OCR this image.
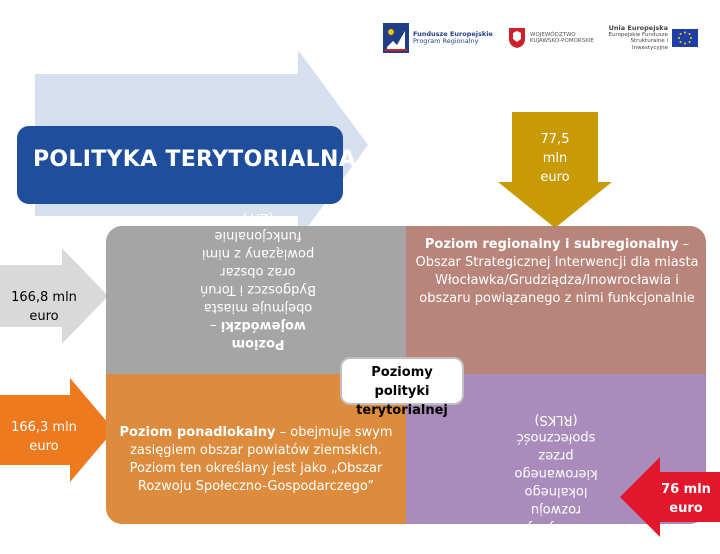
Fundusze Europejskie
Program Regionalny
WOJEWÓDZTWO KUJAWSKO-POMORSKIE
Unia Europejska
Europejskie Fundusze Strukturalne i Inwestycyjne
Poziom wojewódzki – obejmuje miasta Bydgoszcz i Toruń oraz obszar powiązany z nimi funkcjonalnie (ZIT)
POLITYKA TERYTORIALNA
Poziom regionalny i subregionalny – Obszar Strategicznej Interwencji dla miasta Włocławka/Grudziądza/Inowrocławia i obszaru powiązanego z nimi funkcjonalnie
Poziom ponadlokalny – obejmuje swym zasięgiem obszar powiatów ziemskich. Poziom ten określany jest jako „Obszar Rozwoju Społeczno-Gospodarczego”
Poziom lokalny – dotyczy rozwoju lokalnego kierowanego przez społeczność (RLKS)
Poziomy polityki terytorialnej
77,5 mln euro
166,8 mln euro
166,3 mln euro
76 mln euro
